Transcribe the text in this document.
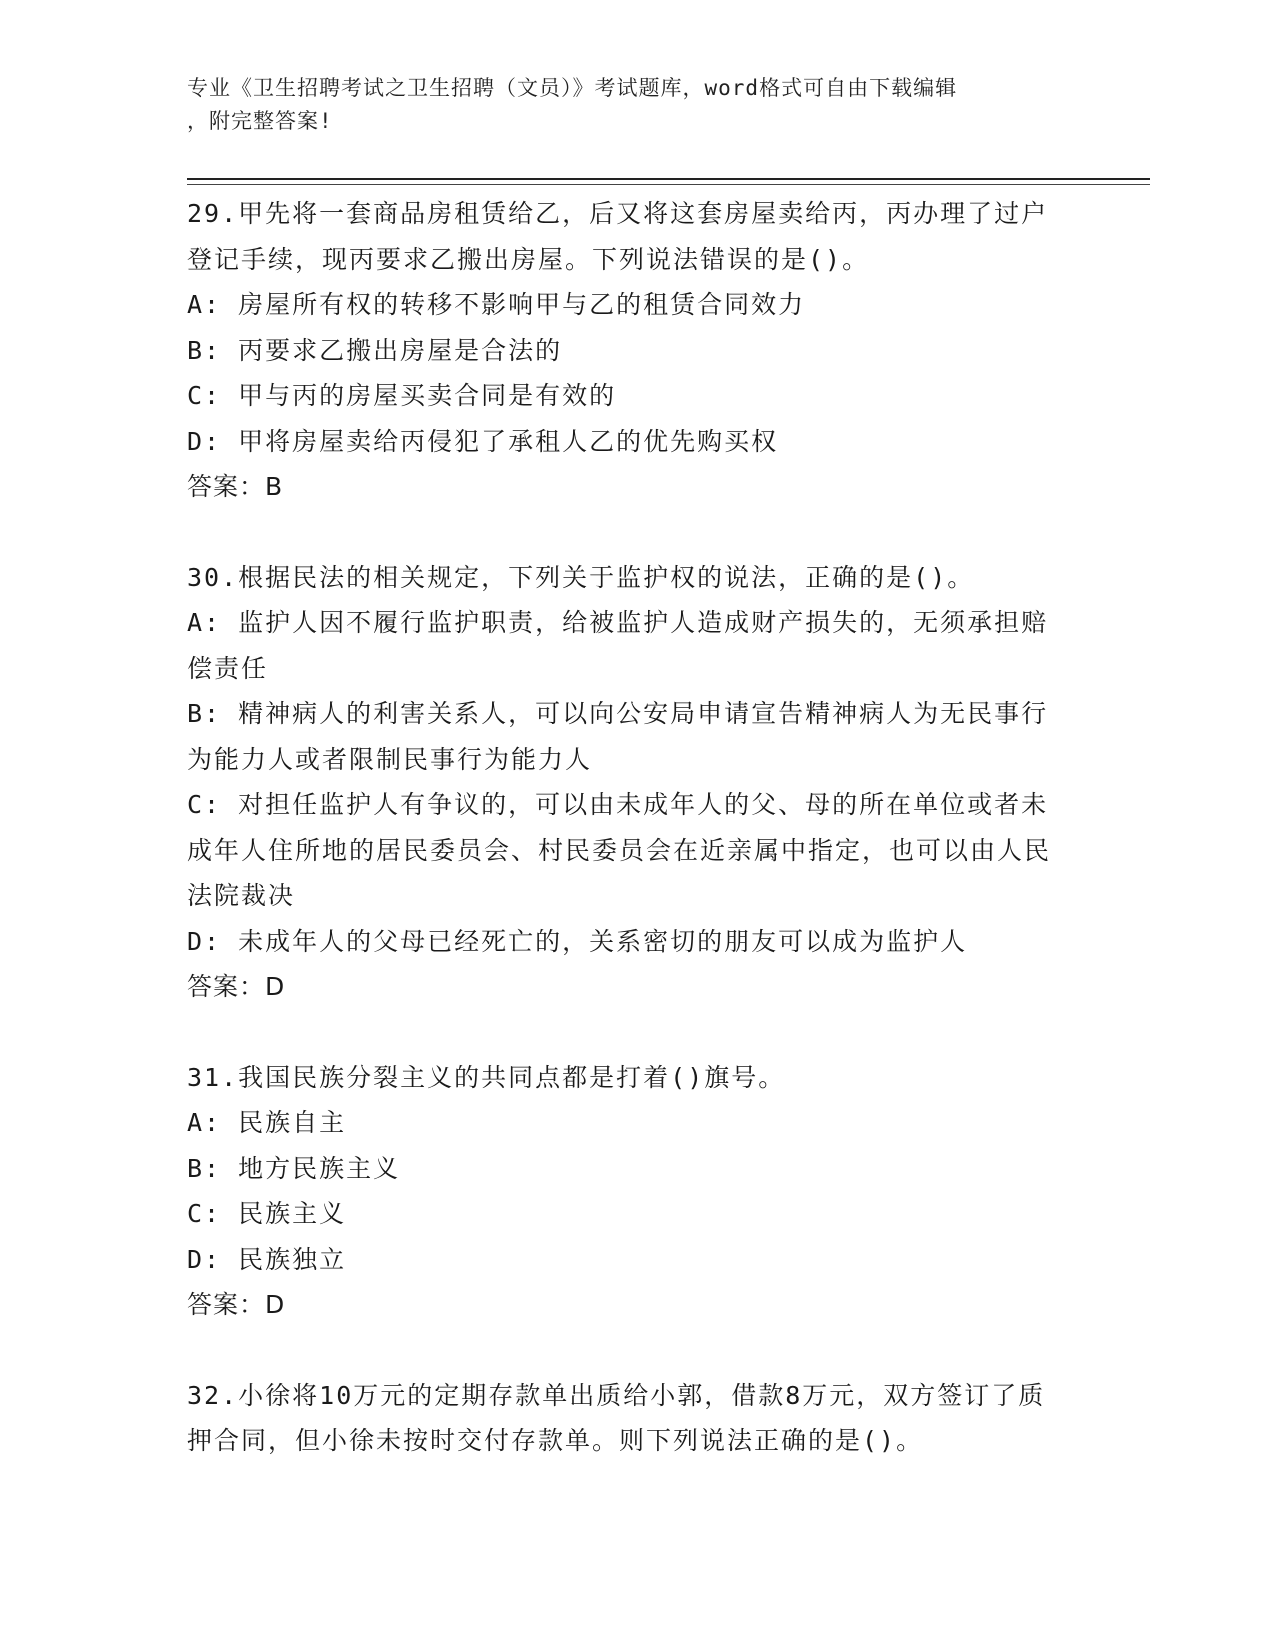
专业《卫生招聘考试之卫生招聘（文员）》考试题库，word格式可自由下载编辑
，附完整答案!
29.甲先将一套商品房租赁给乙，后又将这套房屋卖给丙，丙办理了过户登记手续，现丙要求乙搬出房屋。下列说法错误的是()。
A: 房屋所有权的转移不影响甲与乙的租赁合同效力
B: 丙要求乙搬出房屋是合法的
C: 甲与丙的房屋买卖合同是有效的
D: 甲将房屋卖给丙侵犯了承租人乙的优先购买权
答案：B
30.根据民法的相关规定，下列关于监护权的说法，正确的是()。
A: 监护人因不履行监护职责，给被监护人造成财产损失的，无须承担赔偿责任
B: 精神病人的利害关系人，可以向公安局申请宣告精神病人为无民事行为能力人或者限制民事行为能力人
C: 对担任监护人有争议的，可以由未成年人的父、母的所在单位或者未成年人住所地的居民委员会、村民委员会在近亲属中指定，也可以由人民法院裁决
D: 未成年人的父母已经死亡的，关系密切的朋友可以成为监护人
答案：D
31.我国民族分裂主义的共同点都是打着()旗号。
A: 民族自主
B: 地方民族主义
C: 民族主义
D: 民族独立
答案：D
32.小徐将10万元的定期存款单出质给小郭，借款8万元，双方签订了质押合同，但小徐未按时交付存款单。则下列说法正确的是()。
